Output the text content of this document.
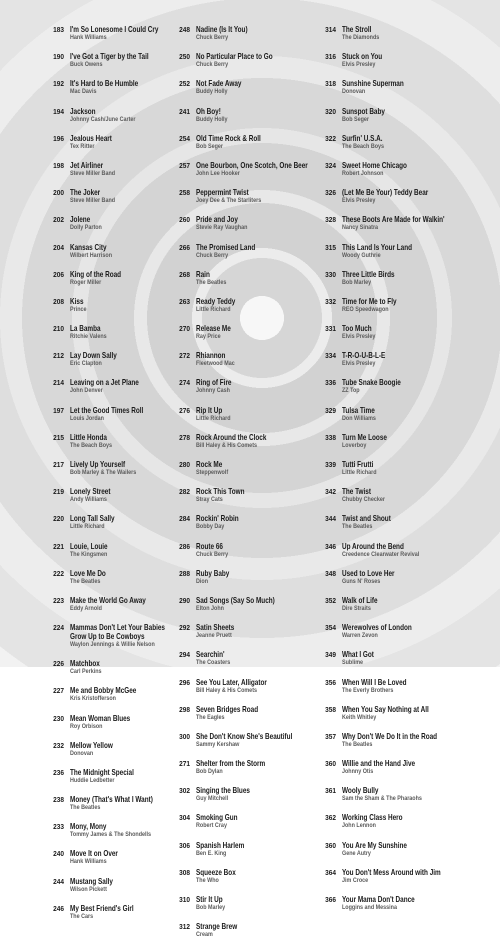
183 I'm So Lonesome I Could Cry
Hank Williams
190 I've Got a Tiger by the Tail
Buck Owens
192 It's Hard to Be Humble
Mac Davis
194 Jackson
Johnny Cash/June Carter
196 Jealous Heart
Tex Ritter
198 Jet Airliner
Steve Miller Band
200 The Joker
Steve Miller Band
202 Jolene
Dolly Parton
204 Kansas City
Wilbert Harrison
206 King of the Road
Roger Miller
208 Kiss
Prince
210 La Bamba
Ritchie Valens
212 Lay Down Sally
Eric Clapton
214 Leaving on a Jet Plane
John Denver
197 Let the Good Times Roll
Louis Jordan
215 Little Honda
The Beach Boys
217 Lively Up Yourself
Bob Marley & The Wailers
219 Lonely Street
Andy Williams
220 Long Tall Sally
Little Richard
221 Louie, Louie
The Kingsmen
222 Love Me Do
The Beatles
223 Make the World Go Away
Eddy Arnold
224 Mammas Don't Let Your Babies
Grow Up to Be Cowboys
Waylon Jennings & Willie Nelson
226 Matchbox
Carl Perkins
227 Me and Bobby McGee
Kris Kristofferson
230 Mean Woman Blues
Roy Orbison
232 Mellow Yellow
Donovan
236 The Midnight Special
Huddie Ledbetter
238 Money (That's What I Want)
The Beatles
233 Mony, Mony
Tommy James & The Shondells
240 Move It on Over
Hank Williams
244 Mustang Sally
Wilson Pickett
246 My Best Friend's Girl
The Cars
248 Nadine (Is It You)
Chuck Berry
250 No Particular Place to Go
Chuck Berry
252 Not Fade Away
Buddy Holly
241 Oh Boy!
Buddy Holly
254 Old Time Rock & Roll
Bob Seger
257 One Bourbon, One Scotch, One Beer
John Lee Hooker
258 Peppermint Twist
Joey Dee & The Starliters
260 Pride and Joy
Stevie Ray Vaughan
266 The Promised Land
Chuck Berry
268 Rain
The Beatles
263 Ready Teddy
Little Richard
270 Release Me
Ray Price
272 Rhiannon
Fleetwood Mac
274 Ring of Fire
Johnny Cash
276 Rip It Up
Little Richard
278 Rock Around the Clock
Bill Haley & His Comets
280 Rock Me
Steppenwolf
282 Rock This Town
Stray Cats
284 Rockin' Robin
Bobby Day
286 Route 66
Chuck Berry
288 Ruby Baby
Dion
290 Sad Songs (Say So Much)
Elton John
292 Satin Sheets
Jeanne Pruett
294 Searchin'
The Coasters
296 See You Later, Alligator
Bill Haley & His Comets
298 Seven Bridges Road
The Eagles
300 She Don't Know She's Beautiful
Sammy Kershaw
271 Shelter from the Storm
Bob Dylan
302 Singing the Blues
Guy Mitchell
304 Smoking Gun
Robert Cray
306 Spanish Harlem
Ben E. King
308 Squeeze Box
The Who
310 Stir It Up
Bob Marley
312 Strange Brew
Cream
314 The Stroll
The Diamonds
316 Stuck on You
Elvis Presley
318 Sunshine Superman
Donovan
320 Sunspot Baby
Bob Seger
322 Surfin' U.S.A.
The Beach Boys
324 Sweet Home Chicago
Robert Johnson
326 (Let Me Be Your) Teddy Bear
Elvis Presley
328 These Boots Are Made for Walkin'
Nancy Sinatra
315 This Land Is Your Land
Woody Guthrie
330 Three Little Birds
Bob Marley
332 Time for Me to Fly
REO Speedwagon
331 Too Much
Elvis Presley
334 T-R-O-U-B-L-E
Elvis Presley
336 Tube Snake Boogie
ZZ Top
329 Tulsa Time
Don Williams
338 Turn Me Loose
Loverboy
339 Tutti Frutti
Little Richard
342 The Twist
Chubby Checker
344 Twist and Shout
The Beatles
346 Up Around the Bend
Creedence Clearwater Revival
348 Used to Love Her
Guns N' Roses
352 Walk of Life
Dire Straits
354 Werewolves of London
Warren Zevon
349 What I Got
Sublime
356 When Will I Be Loved
The Everly Brothers
358 When You Say Nothing at All
Keith Whitley
357 Why Don't We Do It in the Road
The Beatles
360 Willie and the Hand Jive
Johnny Otis
361 Wooly Bully
Sam the Sham & The Pharaohs
362 Working Class Hero
John Lennon
360 You Are My Sunshine
Gene Autry
364 You Don't Mess Around with Jim
Jim Croce
366 Your Mama Don't Dance
Loggins and Messina
